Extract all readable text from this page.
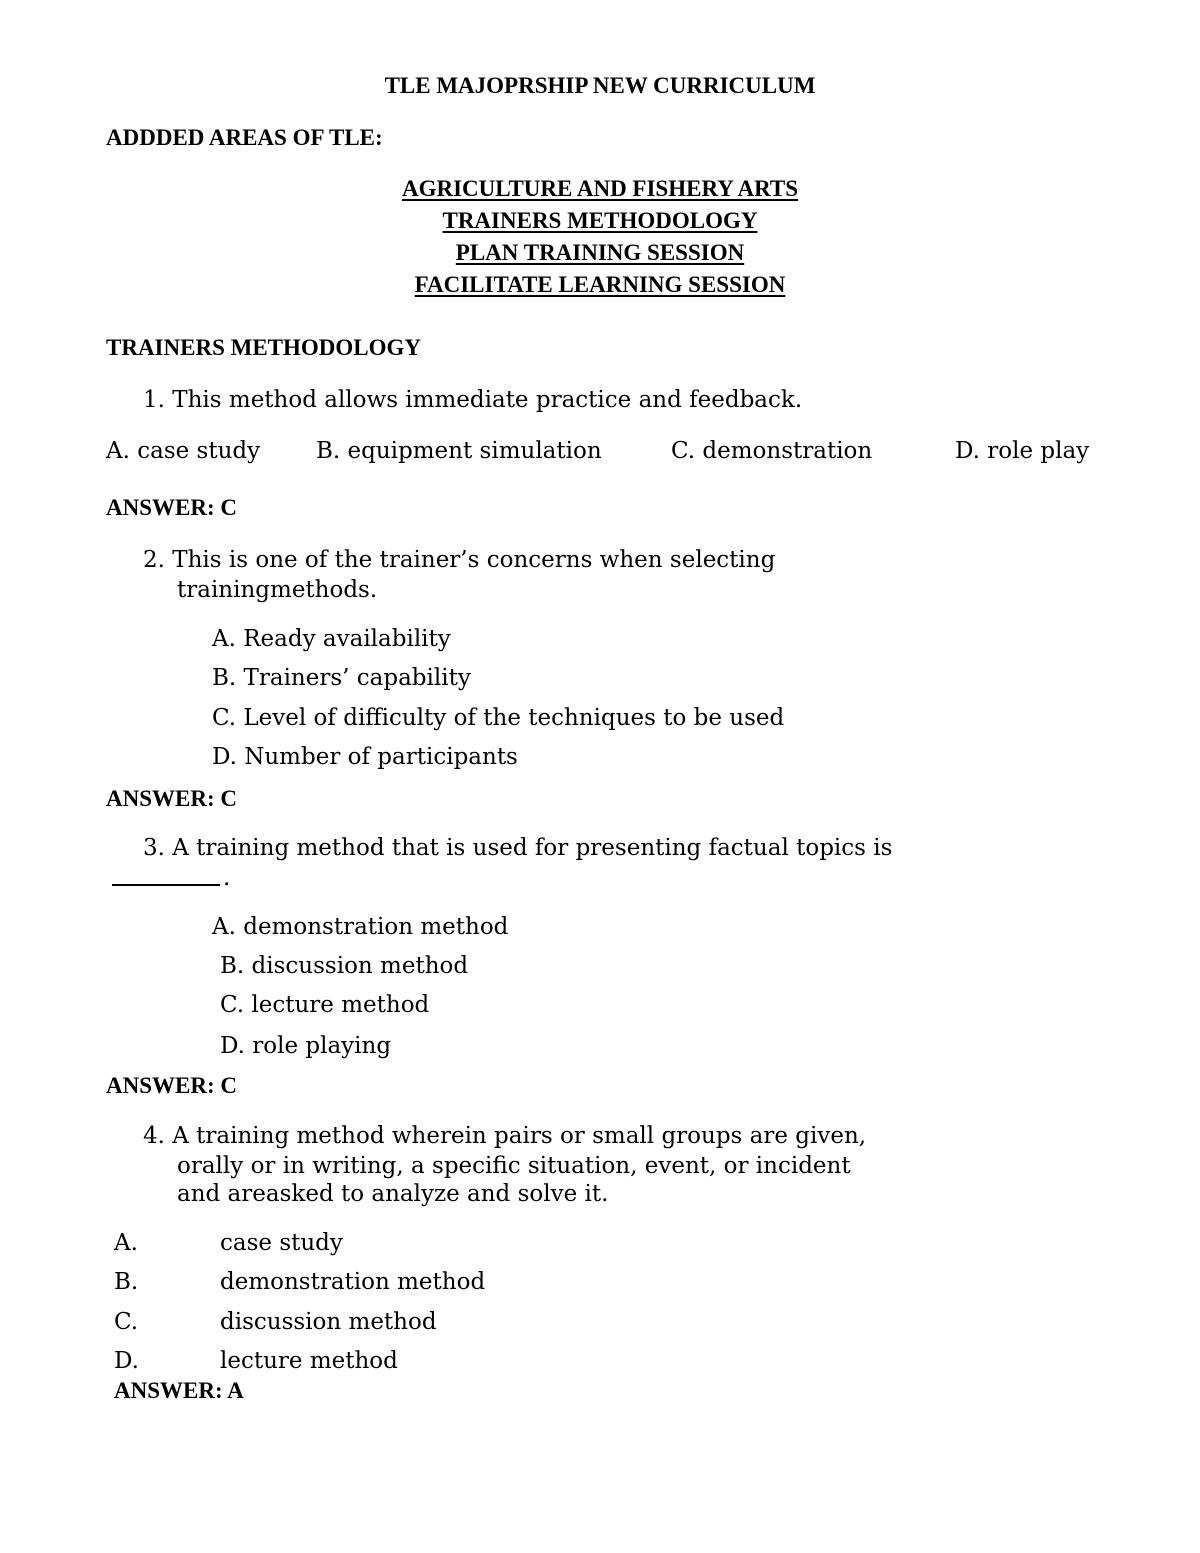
TLE MAJOPRSHIP NEW CURRICULUM
ADDDED AREAS OF TLE:
AGRICULTURE AND FISHERY ARTS
TRAINERS METHODOLOGY
PLAN TRAINING SESSION
FACILITATE LEARNING SESSION
TRAINERS METHODOLOGY
1. This method allows immediate practice and feedback.
A. case study B. equipment simulation	C. demonstration	D. role play
ANSWER: C
2. This is one of the trainer’s concerns when selecting
trainingmethods.
A. Ready availability
B. Trainers’ capability
C. Level of difficulty of the techniques to be used
D. Number of participants
ANSWER: C
3. A training method that is used for presenting factual topics is
.
A. demonstration method
B. discussion method
C. lecture method
D. role playing
ANSWER: C
4. A training method wherein pairs or small groups are given,
orally or in writing, a specific situation, event, or incident
and areasked to analyze and solve it.
A.	case study
B.	demonstration method
C.	discussion method
D.	lecture method
ANSWER: A
